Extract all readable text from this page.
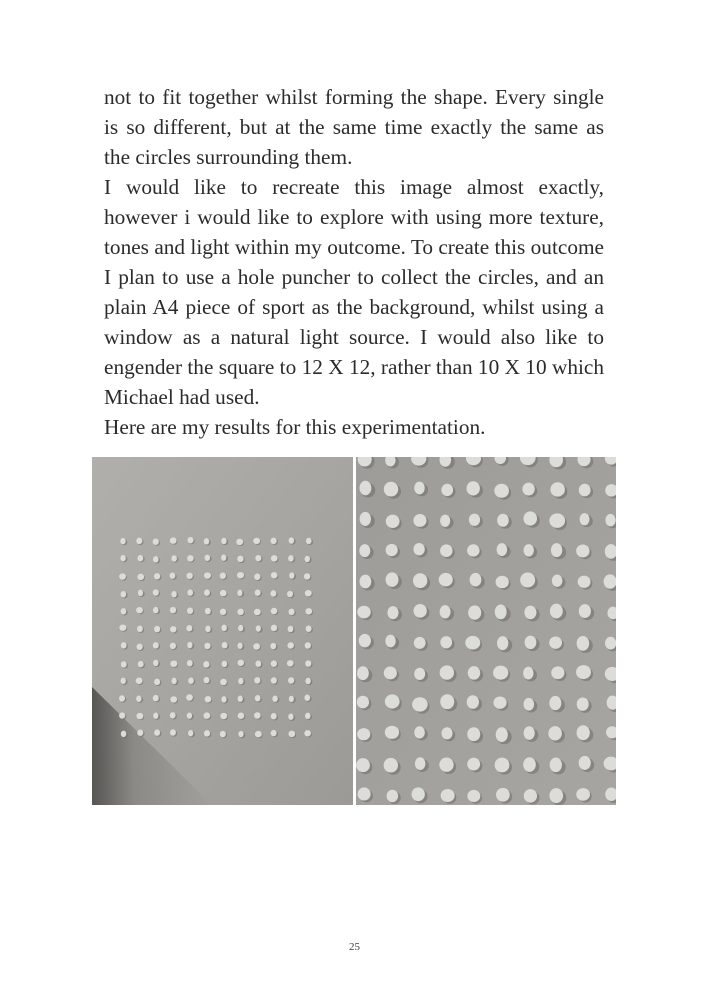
not to fit together whilst forming the shape. Every single is so different, but at the same time exactly the same as the circles surrounding them.

I would like to recreate this image almost exactly, however i would like to explore with using more texture, tones and light within my outcome. To create this outcome I plan to use a hole puncher to collect the circles, and an plain A4 piece of sport as the background, whilst using a window as a natural light source. I would also like to engender the square to 12 X 12, rather than 10 X 10 which Michael had used.

Here are my results for this experimentation.

25
